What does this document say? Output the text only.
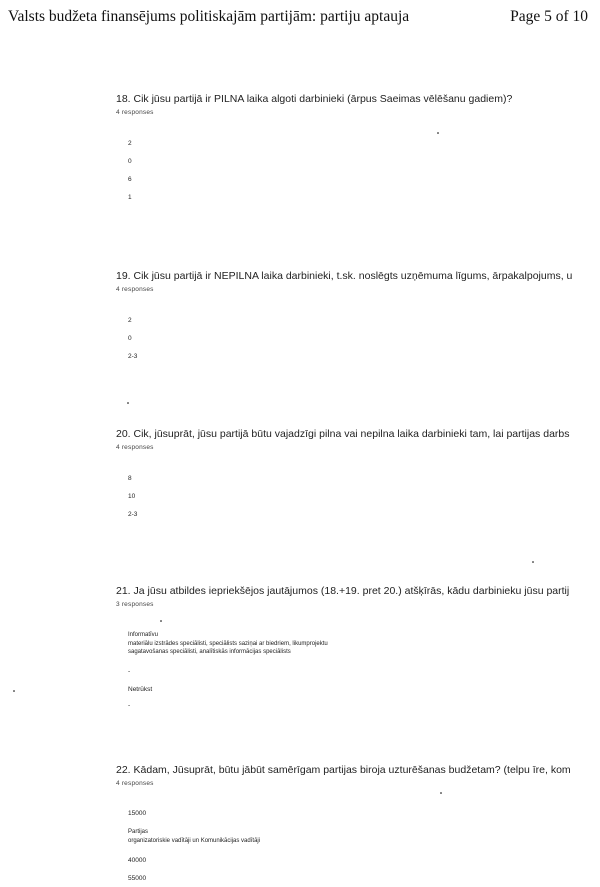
Valsts budžeta finansējums politiskajām partijām: partiju aptauja	Page 5 of 10
18. Cik jūsu partijā ir PILNA laika algoti darbinieki (ārpus Saeimas vēlēšanu gadiem)?
4 responses
2
0
6
1
19. Cik jūsu partijā ir NEPILNA laika darbinieki, t.sk. noslēgts uzņēmuma līgums, ārpakalpojums, u
4 responses
2
0
2-3
20. Cik, jūsuprāt, jūsu partijā būtu vajadzīgi pilna vai nepilna laika darbinieki tam, lai partijas darbs
4 responses
8
10
2-3
21. Ja jūsu atbildes iepriekšējos jautājumos (18.+19. pret 20.) atšķīrās, kādu darbinieku jūsu partij
3 responses
Informatīvu
materiālu izstrādes speciālisti, speciālists saziņai ar biedriem, likumprojektu
sagatavošanas speciālisti, analītiskās informācijas speciālists
-
Netrūkst
-
22. Kādam, Jūsuprāt, būtu jābūt samērīgam partijas biroja uzturēšanas budžetam? (telpu īre, kom
4 responses
15000
Partijas
organizatoriskie vadītāji un Komunikācijas vadītāji
40000
55000
